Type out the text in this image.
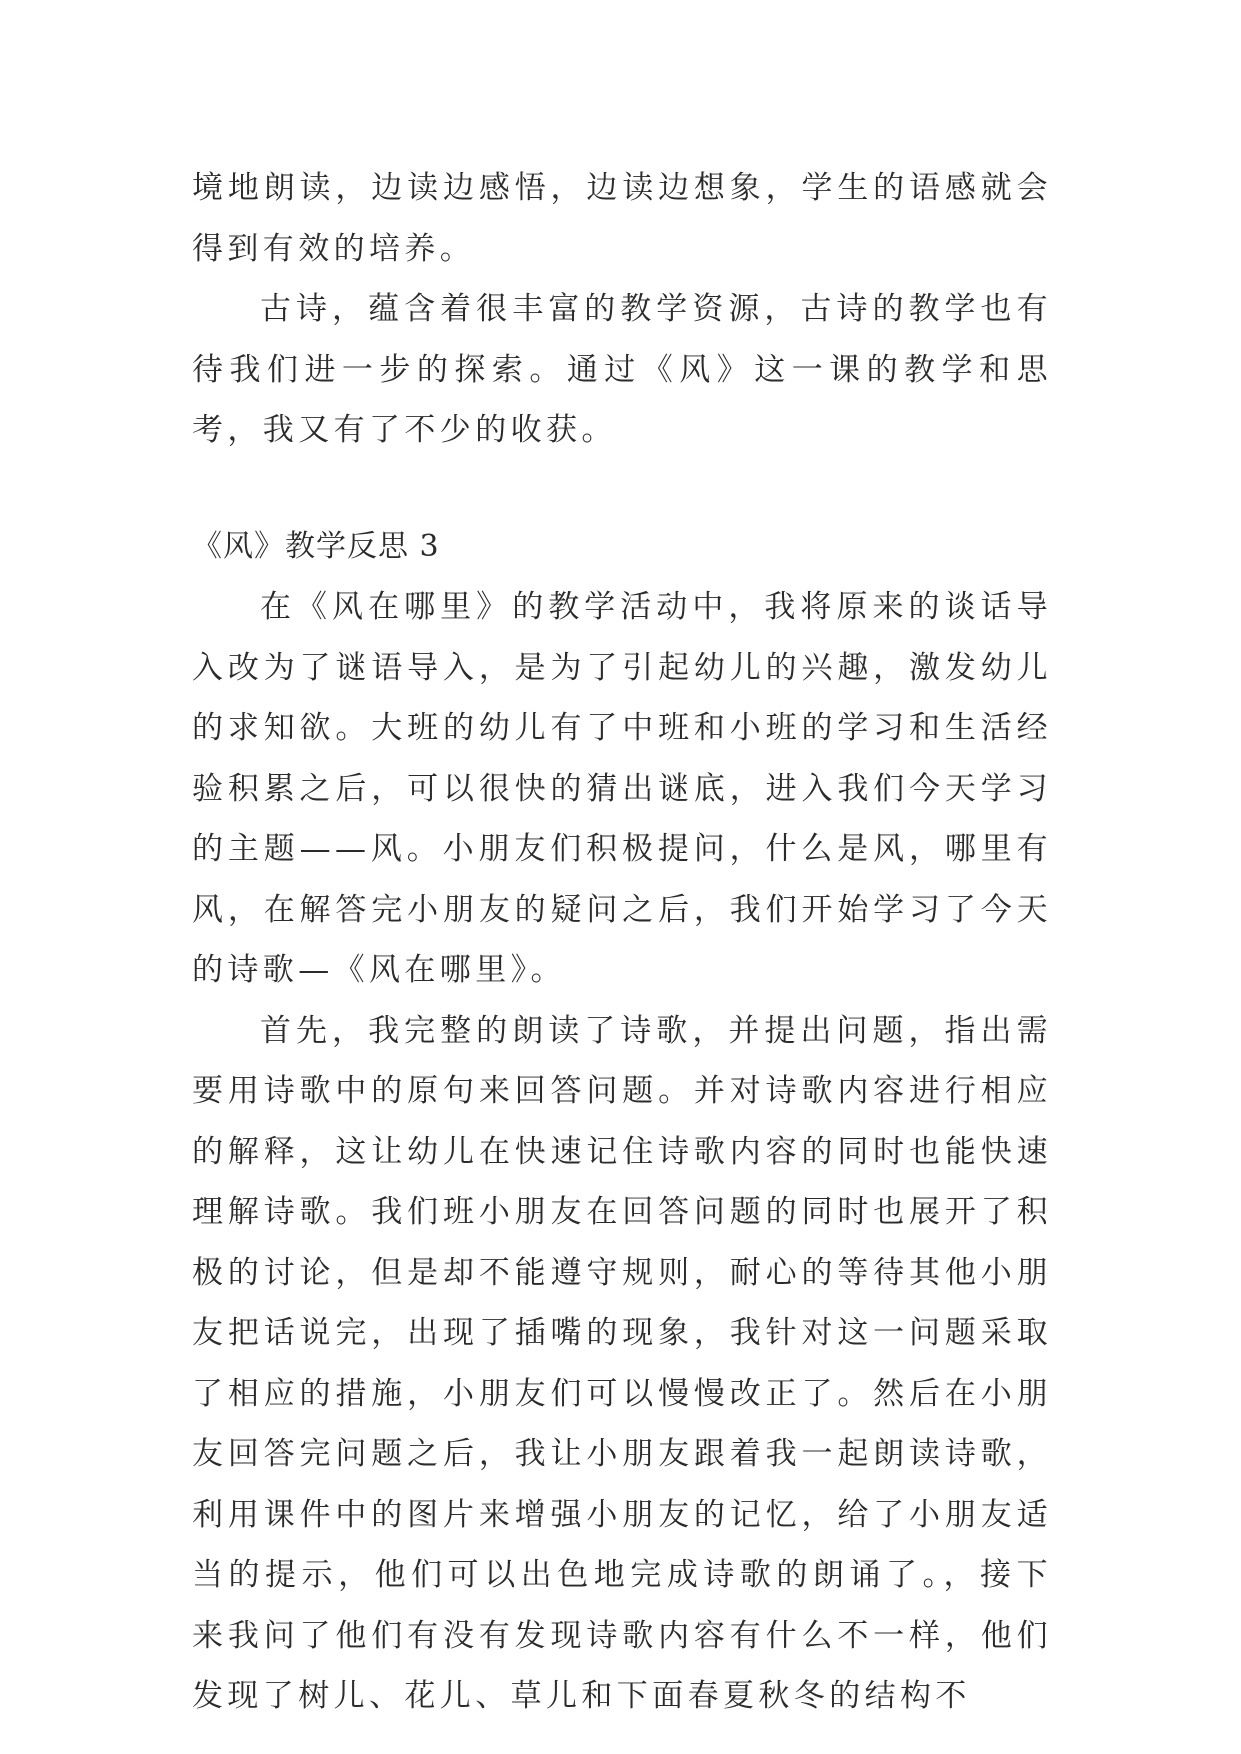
境地朗读，边读边感悟，边读边想象，学生的语感就会得到有效的培养。

古诗，蕴含着很丰富的教学资源，古诗的教学也有待我们进一步的探索。通过《风》这一课的教学和思考，我又有了不少的收获。

《风》教学反思 3

在《风在哪里》的教学活动中，我将原来的谈话导入改为了谜语导入，是为了引起幼儿的兴趣，激发幼儿的求知欲。大班的幼儿有了中班和小班的学习和生活经验积累之后，可以很快的猜出谜底，进入我们今天学习的主题——风。小朋友们积极提问，什么是风，哪里有风，在解答完小朋友的疑问之后，我们开始学习了今天的诗歌—《风在哪里》。

首先，我完整的朗读了诗歌，并提出问题，指出需要用诗歌中的原句来回答问题。并对诗歌内容进行相应的解释，这让幼儿在快速记住诗歌内容的同时也能快速理解诗歌。我们班小朋友在回答问题的同时也展开了积极的讨论，但是却不能遵守规则，耐心的等待其他小朋友把话说完，出现了插嘴的现象，我针对这一问题采取了相应的措施，小朋友们可以慢慢改正了。然后在小朋友回答完问题之后，我让小朋友跟着我一起朗读诗歌，利用课件中的图片来增强小朋友的记忆，给了小朋友适当的提示，他们可以出色地完成诗歌的朗诵了。，接下来我问了他们有没有发现诗歌内容有什么不一样，他们发现了树儿、花儿、草儿和下面春夏秋冬的结构不
